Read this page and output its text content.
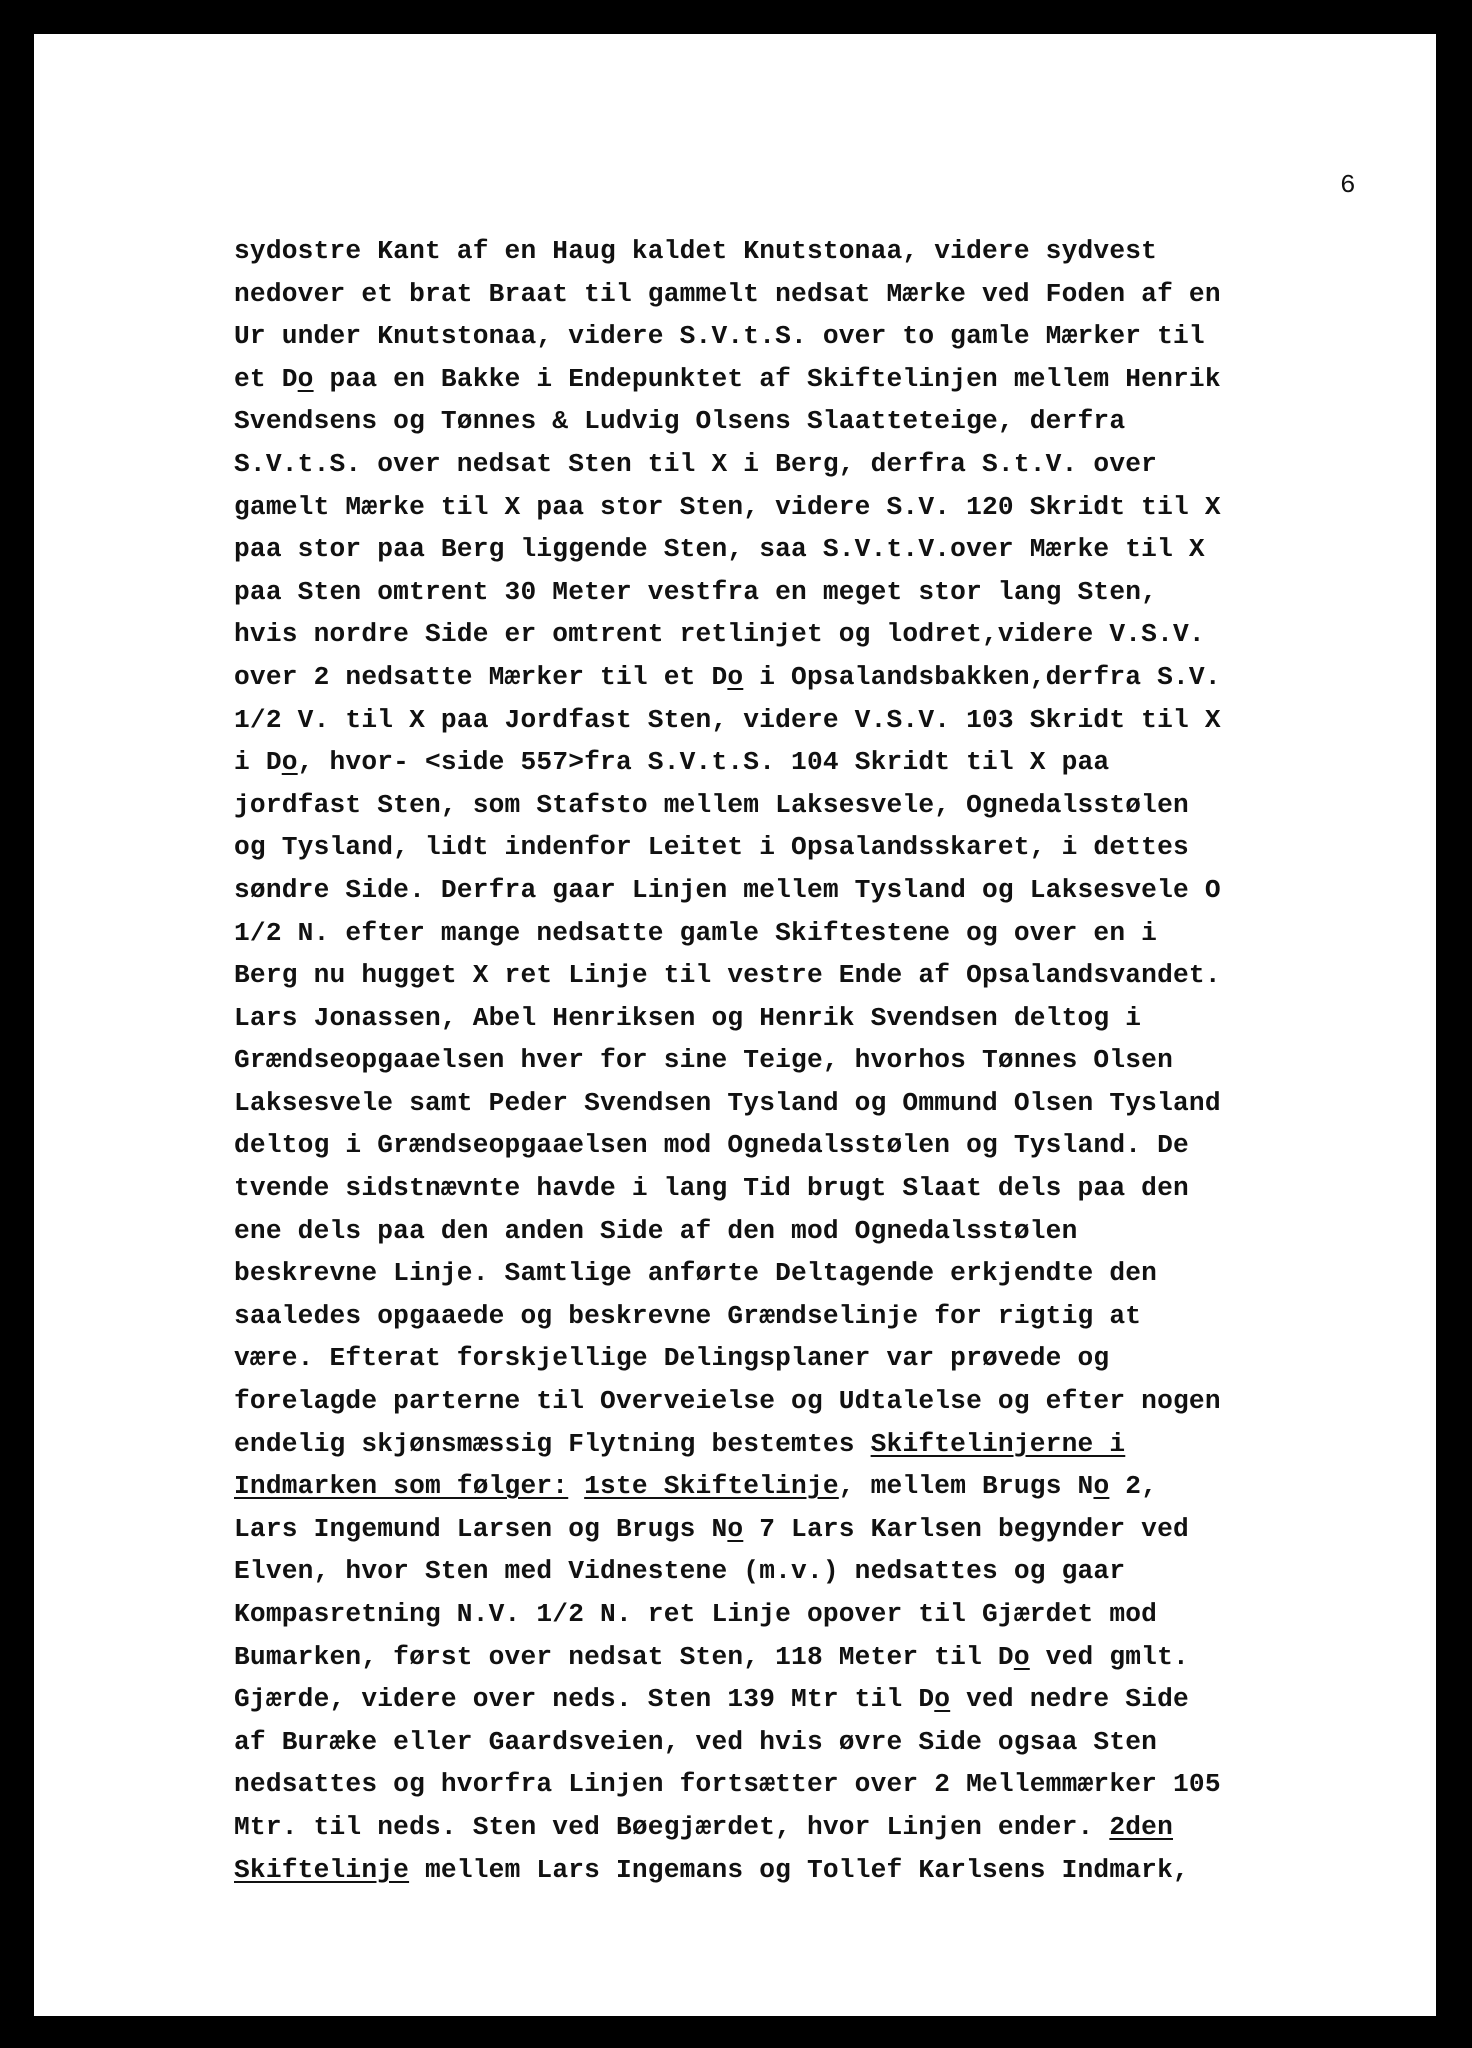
6
sydostre Kant af en Haug kaldet Knutstonaa, videre sydvest
nedover et brat Braat til gammelt nedsat Mærke ved Foden af en
Ur under Knutstonaa, videre S.V.t.S. over to gamle Mærker til
et Do paa en Bakke i Endepunktet af Skiftelinjen mellem Henrik
Svendsens og Tønnes & Ludvig Olsens Slaatteteige, derfra
S.V.t.S. over nedsat Sten til X i Berg, derfra S.t.V. over
gamelt Mærke til X paa stor Sten, videre S.V. 120 Skridt til X
paa stor paa Berg liggende Sten, saa S.V.t.V.over Mærke til X
paa Sten omtrent 30 Meter vestfra en meget stor lang Sten,
hvis nordre Side er omtrent retlinjet og lodret,videre V.S.V.
over 2 nedsatte Mærker til et Do i Opsalandsbakken,derfra S.V.
1/2 V. til X paa Jordfast Sten, videre V.S.V. 103 Skridt til X
i Do, hvor- <side 557>fra S.V.t.S. 104 Skridt til X paa
jordfast Sten, som Stafsto mellem Laksesvele, Ognedalsstølen
og Tysland, lidt indenfor Leitet i Opsalandsskaret, i dettes
søndre Side. Derfra gaar Linjen mellem Tysland og Laksesvele O
1/2 N. efter mange nedsatte gamle Skiftestene og over en i
Berg nu hugget X ret Linje til vestre Ende af Opsalandsvandet.
Lars Jonassen, Abel Henriksen og Henrik Svendsen deltog i
Grændseopgaaelsen hver for sine Teige, hvorhos Tønnes Olsen
Laksesvele samt Peder Svendsen Tysland og Ommund Olsen Tysland
deltog i Grændseopgaaelsen mod Ognedalsstølen og Tysland. De
tvende sidstnævnte havde i lang Tid brugt Slaat dels paa den
ene dels paa den anden Side af den mod Ognedalsstølen
beskrevne Linje. Samtlige anførte Deltagende erkjendte den
saaledes opgaaede og beskrevne Grændselinje for rigtig at
være. Efterat forskjellige Delingsplaner var prøvede og
forelagde parterne til Overveielse og Udtalelse og efter nogen
endelig skjønsmæssig Flytning bestemtes Skiftelinjerne i
Indmarken som følger: 1ste Skiftelinje, mellem Brugs No 2,
Lars Ingemund Larsen og Brugs No 7 Lars Karlsen begynder ved
Elven, hvor Sten med Vidnestene (m.v.) nedsattes og gaar
Kompasretning N.V. 1/2 N. ret Linje opover til Gjærdet mod
Bumarken, først over nedsat Sten, 118 Meter til Do ved gmlt.
Gjærde, videre over neds. Sten 139 Mtr til Do ved nedre Side
af Buræke eller Gaardsveien, ved hvis øvre Side ogsaa Sten
nedsattes og hvorfra Linjen fortsætter over 2 Mellemmærker 105
Mtr. til neds. Sten ved Bøegjærdet, hvor Linjen ender. 2den
Skiftelinje mellem Lars Ingemans og Tollef Karlsens Indmark,
